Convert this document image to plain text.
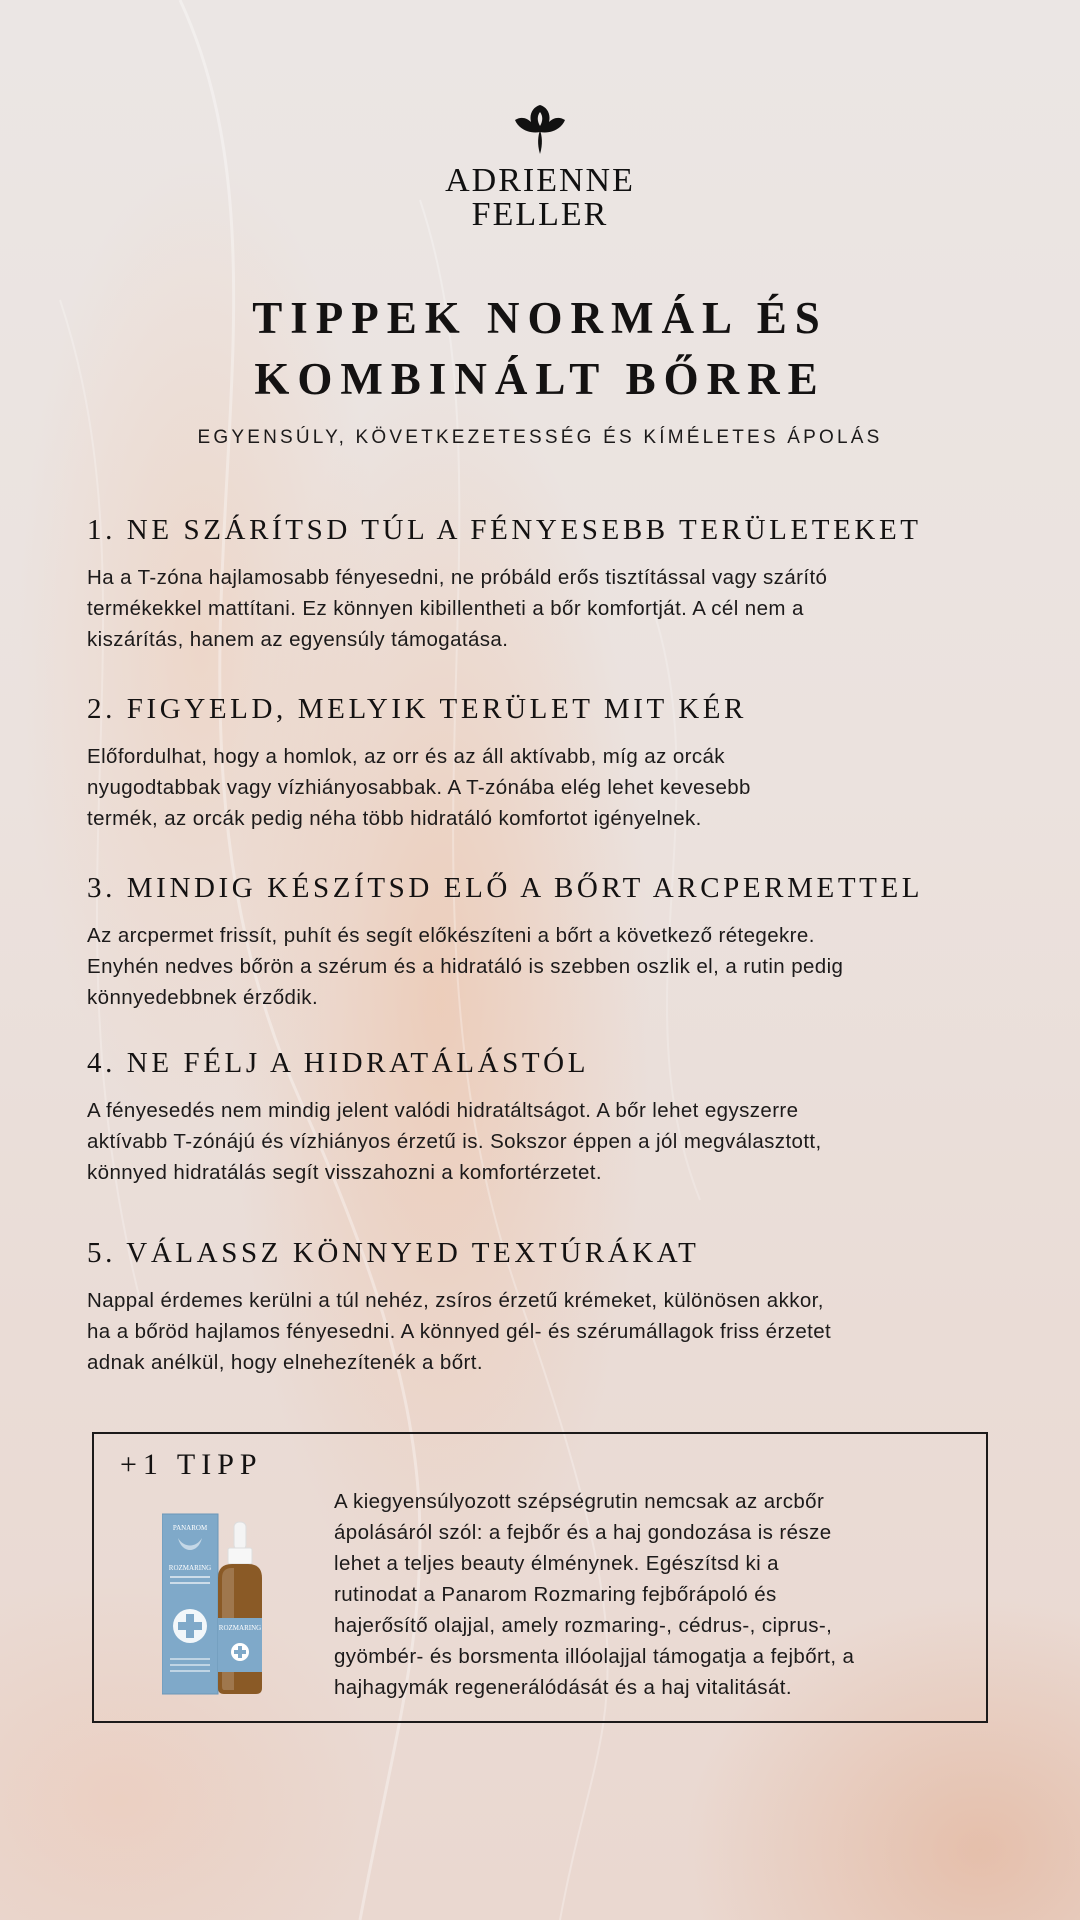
ADRIENNE
FELLER
TIPPEK NORMÁL ÉS
KOMBINÁLT BŐRRE
EGYENSÚLY, KÖVETKEZETESSÉG ÉS KÍMÉLETES ÁPOLÁS
1. NE SZÁRÍTSD TÚL A FÉNYESEBB TERÜLETEKET

Ha a T-zóna hajlamosabb fényesedni, ne próbáld erős tisztítással vagy szárító
termékekkel mattítani. Ez könnyen kibillentheti a bőr komfortját. A cél nem a
kiszárítás, hanem az egyensúly támogatása.

2. FIGYELD, MELYIK TERÜLET MIT KÉR

Előfordulhat, hogy a homlok, az orr és az áll aktívabb, míg az orcák
nyugodtabbak vagy vízhiányosabbak. A T-zónába elég lehet kevesebb
termék, az orcák pedig néha több hidratáló komfortot igényelnek.

3. MINDIG KÉSZÍTSD ELŐ A BŐRT ARCPERMETTEL

Az arcpermet frissít, puhít és segít előkészíteni a bőrt a következő rétegekre.
Enyhén nedves bőrön a szérum és a hidratáló is szebben oszlik el, a rutin pedig
könnyedebbnek érződik.

4. NE FÉLJ A HIDRATÁLÁSTÓL

A fényesedés nem mindig jelent valódi hidratáltságot. A bőr lehet egyszerre
aktívabb T-zónájú és vízhiányos érzetű is. Sokszor éppen a jól megválasztott,
könnyed hidratálás segít visszahozni a komfortérzetet.

5. VÁLASSZ KÖNNYED TEXTÚRÁKAT

Nappal érdemes kerülni a túl nehéz, zsíros érzetű krémeket, különösen akkor,
ha a bőröd hajlamos fényesedni. A könnyed gél- és szérumállagok friss érzetet
adnak anélkül, hogy elnehezítenék a bőrt.

+1 TIPP
PANAROM
ROZMARING
ROZMARING

A kiegyensúlyozott szépségrutin nemcsak az arcbőr
ápolásáról szól: a fejbőr és a haj gondozása is része
lehet a teljes beauty élménynek. Egészítsd ki a
rutinodat a Panarom Rozmaring fejbőrápoló és
hajerősítő olajjal, amely rozmaring-, cédrus-, ciprus-,
gyömbér- és borsmenta illóolajjal támogatja a fejbőrt, a
hajhagymák regenerálódását és a haj vitalitását.
